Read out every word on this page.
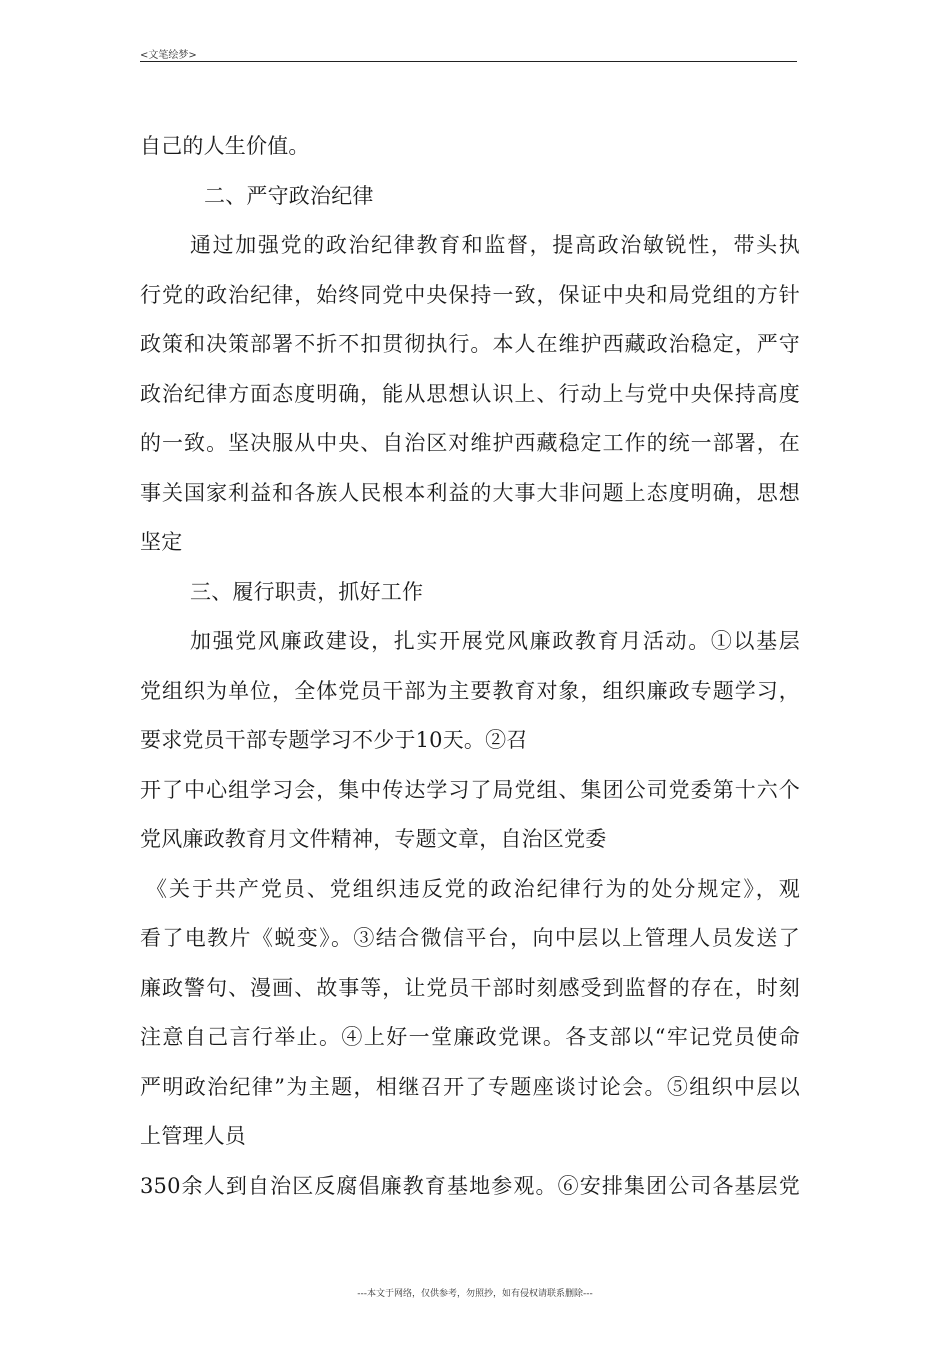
<文笔绘梦>
自己的人生价值。
二、严守政治纪律
通过加强党的政治纪律教育和监督，提高政治敏锐性，带头执
行党的政治纪律，始终同党中央保持一致，保证中央和局党组的方针
政策和决策部署不折不扣贯彻执行。本人在维护西藏政治稳定，严守
政治纪律方面态度明确，能从思想认识上、行动上与党中央保持高度
的一致。坚决服从中央、自治区对维护西藏稳定工作的统一部署，在
事关国家利益和各族人民根本利益的大事大非问题上态度明确，思想
坚定
三、履行职责，抓好工作
加强党风廉政建设，扎实开展党风廉政教育月活动。①以基层
党组织为单位，全体党员干部为主要教育对象，组织廉政专题学习，
要求党员干部专题学习不少于10天。②召
开了中心组学习会，集中传达学习了局党组、集团公司党委第十六个
党风廉政教育月文件精神，专题文章，自治区党委
《关于共产党员、党组织违反党的政治纪律行为的处分规定》，观
看了电教片《蜕变》。③结合微信平台，向中层以上管理人员发送了
廉政警句、漫画、故事等，让党员干部时刻感受到监督的存在，时刻
注意自己言行举止。④上好一堂廉政党课。各支部以“牢记党员使命
严明政治纪律”为主题，相继召开了专题座谈讨论会。⑤组织中层以
上管理人员
350余人到自治区反腐倡廉教育基地参观。⑥安排集团公司各基层党
---本文于网络，仅供参考，勿照抄，如有侵权请联系删除---
